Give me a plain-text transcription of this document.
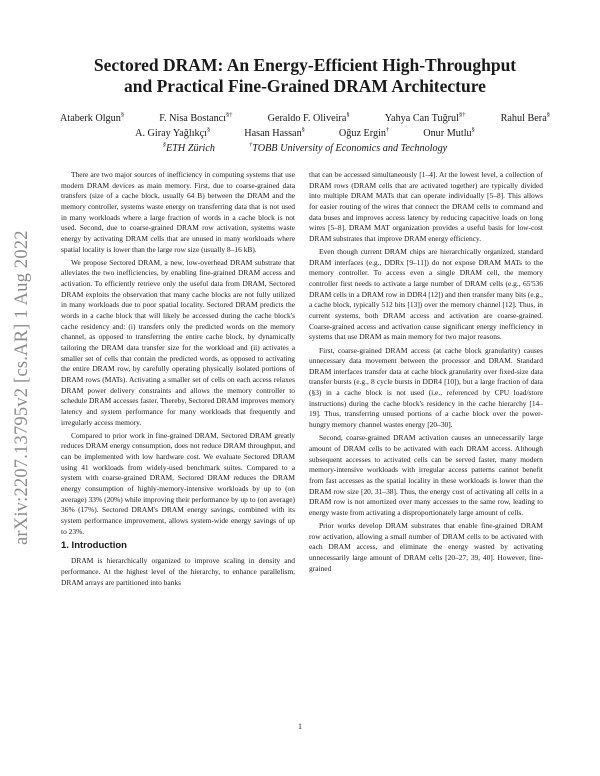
Sectored DRAM: An Energy-Efficient High-Throughput
and Practical Fine-Grained DRAM Architecture
Ataberk Olgun§	F. Nisa Bostancı§†	Geraldo F. Oliveira§	Yahya Can Tuğrul§†	Rahul Bera§
A. Giray Yağlıkçı§	Hasan Hassan§	Oğuz Ergin†	Onur Mutlu§
§ETH Zürich	†TOBB University of Economics and Technology
arXiv:2207.13795v2 [cs.AR] 1 Aug 2022

There are two major sources of inefficiency in computing systems that use modern DRAM devices as main memory. First, due to coarse-grained data transfers (size of a cache block, usually 64 B) between the DRAM and the memory controller, systems waste energy on transferring data that is not used in many workloads where a large fraction of words in a cache block is not used. Second, due to coarse-grained DRAM row activation, systems waste energy by activating DRAM cells that are unused in many workloads where spatial locality is lower than the large row size (usually 8–16 kB).

We propose Sectored DRAM, a new, low-overhead DRAM substrate that alleviates the two inefficiencies, by enabling fine-grained DRAM access and activation. To efficiently retrieve only the useful data from DRAM, Sectored DRAM exploits the observation that many cache blocks are not fully utilized in many workloads due to poor spatial locality. Sectored DRAM predicts the words in a cache block that will likely be accessed during the cache block's cache residency and: (i) transfers only the predicted words on the memory channel, as opposed to transferring the entire cache block, by dynamically tailoring the DRAM data transfer size for the workload and (ii) activates a smaller set of cells that contain the predicted words, as opposed to activating the entire DRAM row, by carefully operating physically isolated portions of DRAM rows (MATs). Activating a smaller set of cells on each access relaxes DRAM power delivery constraints and allows the memory controller to schedule DRAM accesses faster. Thereby, Sectored DRAM improves memory latency and system performance for many workloads that frequently and irregularly access memory.

Compared to prior work in fine-grained DRAM, Sectored DRAM greatly reduces DRAM energy consumption, does not reduce DRAM throughput, and can be implemented with low hardware cost. We evaluate Sectored DRAM using 41 workloads from widely-used benchmark suites. Compared to a system with coarse-grained DRAM, Sectored DRAM reduces the DRAM energy consumption of highly-memory-intensive workloads by up to (on average) 33% (20%) while improving their performance by up to (on average) 36% (17%). Sectored DRAM's DRAM energy savings, combined with its system performance improvement, allows system-wide energy savings of up to 23%.

1. Introduction

DRAM is hierarchically organized to improve scaling in density and performance. At the highest level of the hierarchy, to enhance parallelism, DRAM arrays are partitioned into banks

that can be accessed simultaneously [1–4]. At the lowest level, a collection of DRAM rows (DRAM cells that are activated together) are typically divided into multiple DRAM MATs that can operate individually [5–8]. This allows for easier routing of the wires that connect the DRAM cells to command and data buses and improves access latency by reducing capacitive loads on long wires [5–8]. DRAM MAT organization provides a useful basis for low-cost DRAM substrates that improve DRAM energy efficiency.

Even though current DRAM chips are hierarchically organized, standard DRAM interfaces (e.g., DDRx [9–11]) do not expose DRAM MATs to the memory controller. To access even a single DRAM cell, the memory controller first needs to activate a large number of DRAM cells (e.g., 65'536 DRAM cells in a DRAM row in DDR4 [12]) and then transfer many bits (e.g., a cache block, typically 512 bits [13]) over the memory channel [12]. Thus, in current systems, both DRAM access and activation are coarse-grained. Coarse-grained access and activation cause significant energy inefficiency in systems that use DRAM as main memory for two major reasons.

First, coarse-grained DRAM access (at cache block granularity) causes unnecessary data movement between the processor and DRAM. Standard DRAM interfaces transfer data at cache block granularity over fixed-size data transfer bursts (e.g., 8 cycle bursts in DDR4 [10]), but a large fraction of data (§3) in a cache block is not used (i.e., referenced by CPU load/store instructions) during the cache block's residency in the cache hierarchy [14–19]. Thus, transferring unused portions of a cache block over the power-hungry memory channel wastes energy [20–30].

Second, coarse-grained DRAM activation causes an unnecessarily large amount of DRAM cells to be activated with each DRAM access. Although subsequent accesses to activated cells can be served faster, many modern memory-intensive workloads with irregular access patterns cannot benefit from fast accesses as the spatial locality in these workloads is lower than the DRAM row size [20, 31–38]. Thus, the energy cost of activating all cells in a DRAM row is not amortized over many accesses to the same row, leading to energy waste from activating a disproportionately large amount of cells.

Prior works develop DRAM substrates that enable fine-grained DRAM row activation, allowing a small number of DRAM cells to be activated with each DRAM access, and eliminate the energy wasted by activating unnecessarily large amount of DRAM cells [20–27, 39, 40]. However, fine-grained

1
